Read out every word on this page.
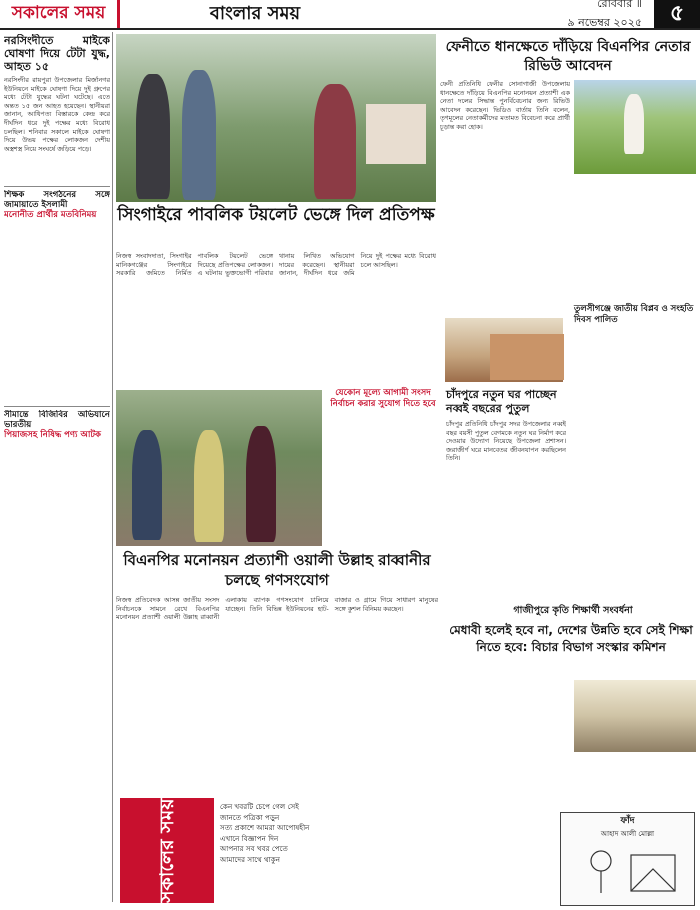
সকালের সময়	বাংলার সময়	রোববার ॥
৯ নভেম্বর ২০২৫	৫
নরসিংদীতে মাইকে ঘোষণা দিয়ে টেটা যুদ্ধ, আহত ১৫
নরসিংদীর রায়পুরা উপজেলার মির্জানগর ইউনিয়নে মাইকে ঘোষণা দিয়ে দুই গ্রুপের মধ্যে টেটা যুদ্ধের ঘটনা ঘটেছে। এতে অন্তত ১৫ জন আহত হয়েছেন। স্থানীয়রা জানান, আধিপত্য বিস্তারকে কেন্দ্র করে দীর্ঘদিন ধরে দুই পক্ষের মধ্যে বিরোধ চলছিল। শনিবার সকালে মাইকে ঘোষণা দিয়ে উভয় পক্ষের লোকজন দেশীয় অস্ত্রশস্ত্র নিয়ে সংঘর্ষে জড়িয়ে পড়ে।
শিক্ষক সংগঠনের সঙ্গে জামায়াতে ইসলামী
মনোনীত প্রার্থীর মতবিনিময়
সীমান্তে বিজিবির অভিযানে ভারতীয়
পিয়াজসহ নিষিদ্ধ পণ্য আটক
সিংগাইরে পাবলিক টয়লেট ভেঙ্গে দিল প্রতিপক্ষ
নিজস্ব সংবাদদাতা, সিংগাইর মানিকগঞ্জের সিংগাইরে সরকারি জমিতে নির্মিত পাবলিক টয়লেট ভেঙ্গে দিয়েছে প্রতিপক্ষের লোকজন। এ ঘটনায় ভুক্তভোগী পরিবার থানায় লিখিত অভিযোগ দায়ের করেছেন। স্থানীয়রা জানান, দীর্ঘদিন ধরে জমি নিয়ে দুই পক্ষের মধ্যে বিরোধ চলে আসছিল।
ফেনীতে ধানক্ষেতে দাঁড়িয়ে বিএনপির নেতার রিভিউ আবেদন
ফেনী প্রতিনিধি ফেনীর সোনাগাজী উপজেলায় ধানক্ষেতে দাঁড়িয়ে বিএনপির মনোনয়ন প্রত্যাশী এক নেতা দলের সিদ্ধান্ত পুনর্বিবেচনার জন্য রিভিউ আবেদন করেছেন। ভিডিও বার্তায় তিনি বলেন, তৃণমূলের নেতাকর্মীদের মতামত বিবেচনা করে প্রার্থী চূড়ান্ত করা হোক।
তুলসীগঞ্জে জাতীয় বিপ্লব ও সংহতি দিবস পালিত
চাঁদপুরে নতুন ঘর পাচ্ছেন নব্বই বছরের পুতুল
চাঁদপুর প্রতিনিধি চাঁদপুর সদর উপজেলার নব্বই বছর বয়সী পুতুল বেগমকে নতুন ঘর নির্মাণ করে দেওয়ার উদ্যোগ নিয়েছে উপজেলা প্রশাসন। জরাজীর্ণ ঘরে মানবেতর জীবনযাপন করছিলেন তিনি।
যেকোন মূল্যে আগামী সংসদ নির্বাচন করার সুযোগ দিতে হবে
বিএনপির মনোনয়ন প্রত্যাশী ওয়ালী উল্লাহ রাব্বানীর চলছে গণসংযোগ
নিজস্ব প্রতিবেদক আসন্ন জাতীয় সংসদ নির্বাচনকে সামনে রেখে বিএনপির মনোনয়ন প্রত্যাশী ওয়ালী উল্লাহ রাব্বানী এলাকায় ব্যাপক গণসংযোগ চালিয়ে যাচ্ছেন। তিনি বিভিন্ন ইউনিয়নের হাট-বাজার ও গ্রামে গিয়ে সাধারণ মানুষের সঙ্গে কুশল বিনিময় করছেন।	গাজীপুরে কৃতি শিক্ষার্থী সংবর্ধনা
মেধাবী হলেই হবে না, দেশের উন্নতি হবে সেই শিক্ষা নিতে হবে: বিচার বিভাগ সংস্কার কমিশন
সকালের সময়	কেন খবরটি চেপে গেল সেই
জানতে পত্রিকা পড়ুন
সত্য প্রকাশে আমরা আপোষহীন
এখানে বিজ্ঞাপন দিন
আপনার সব খবর পেতে
আমাদের সাথে থাকুন
ফাঁদ
আহাদ আলী মোল্লা
